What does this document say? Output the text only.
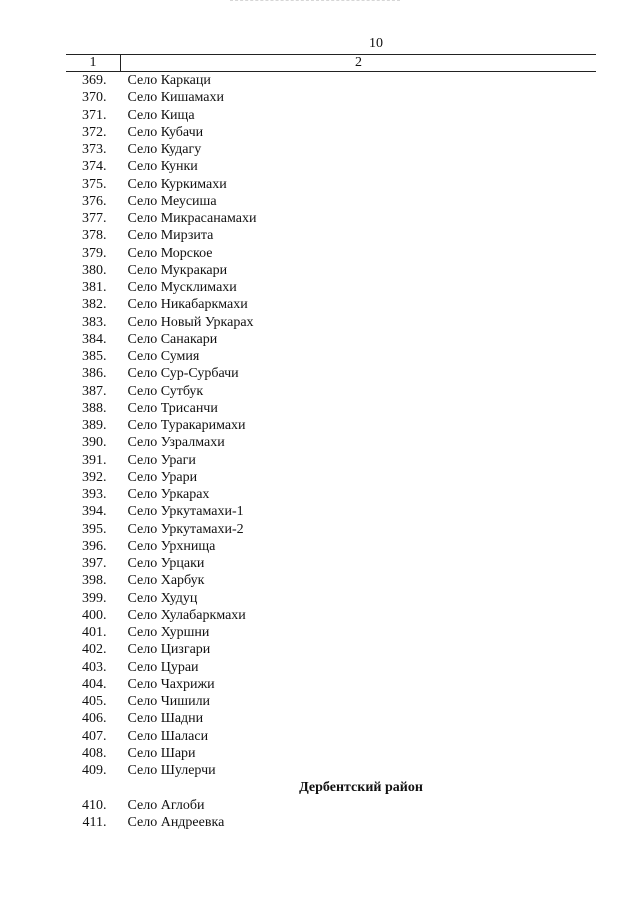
10
1	2
369.	Село Каркаци
370.	Село Кишамахи
371.	Село Кища
372.	Село Кубачи
373.	Село Кудагу
374.	Село Кунки
375.	Село Куркимахи
376.	Село Меусиша
377.	Село Микрасанамахи
378.	Село Мирзита
379.	Село Морское
380.	Село Мукракари
381.	Село Мусклимахи
382.	Село Никабаркмахи
383.	Село Новый Уркарах
384.	Село Санакари
385.	Село Сумия
386.	Село Сур-Сурбачи
387.	Село Сутбук
388.	Село Трисанчи
389.	Село Туракаримахи
390.	Село Узралмахи
391.	Село Ураги
392.	Село Урари
393.	Село Уркарах
394.	Село Уркутамахи-1
395.	Село Уркутамахи-2
396.	Село Урхнища
397.	Село Урцаки
398.	Село Харбук
399.	Село Худуц
400.	Село Хулабаркмахи
401.	Село Хуршни
402.	Село Цизгари
403.	Село Цураи
404.	Село Чахрижи
405.	Село Чишили
406.	Село Шадни
407.	Село Шаласи
408.	Село Шари
409.	Село Шулерчи
Дербентский район	
410.	Село Аглоби
411.	Село Андреевка
